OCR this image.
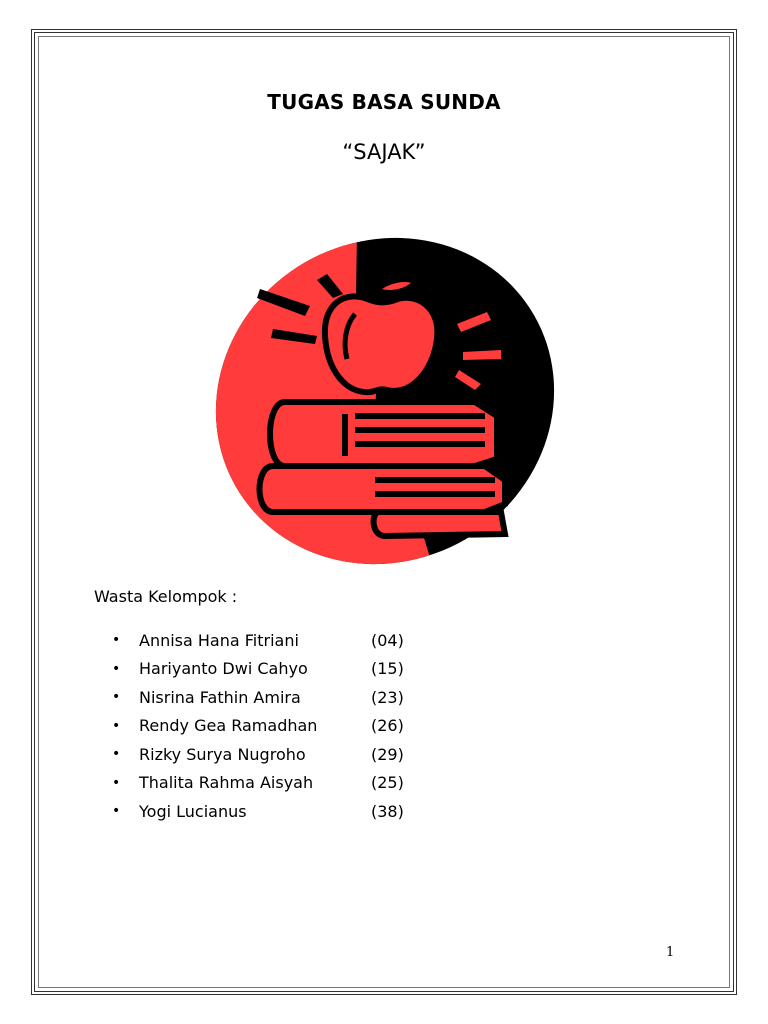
TUGAS BASA SUNDA
“SAJAK”
Wasta Kelompok :
•	Annisa Hana Fitriani	(04)
•	Hariyanto Dwi Cahyo	(15)
•	Nisrina Fathin Amira	(23)
•	Rendy Gea Ramadhan	(26)
•	Rizky Surya Nugroho	(29)
•	Thalita Rahma Aisyah	(25)
•	Yogi Lucianus	(38)
1
